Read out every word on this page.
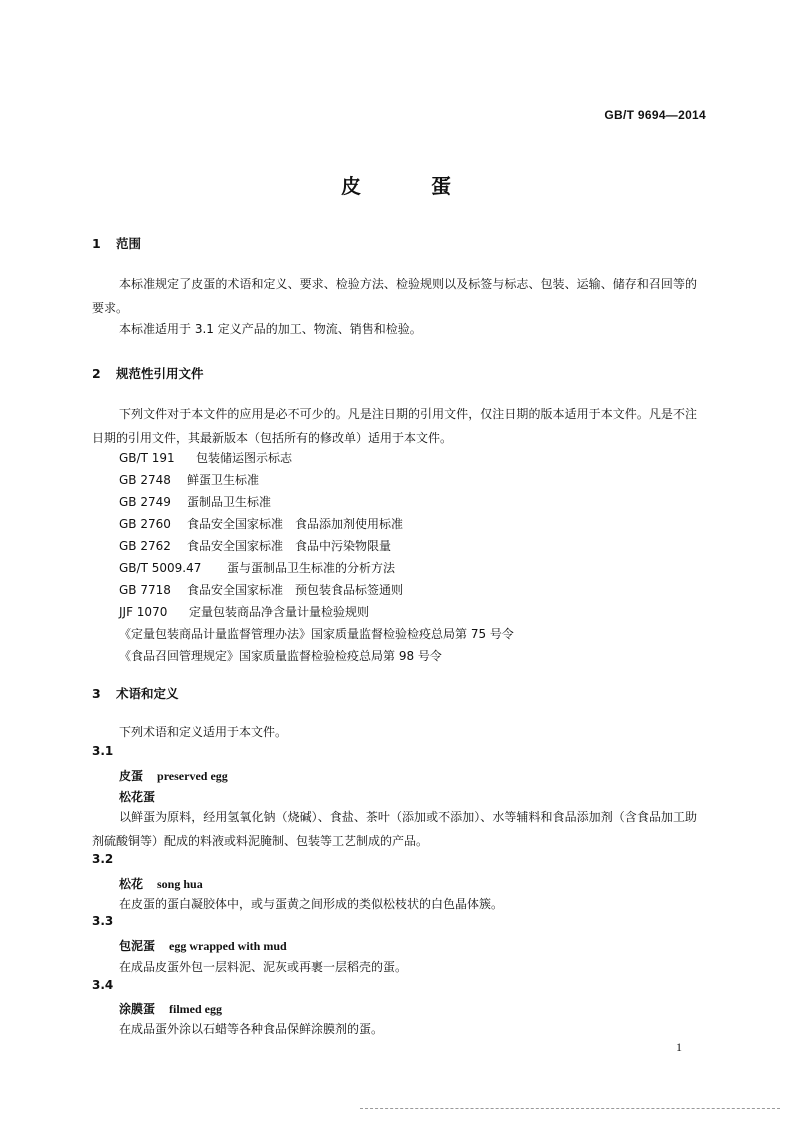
GB/T 9694—2014
皮蛋
1 范围
本标准规定了皮蛋的术语和定义、要求、检验方法、检验规则以及标签与标志、包装、运输、储存和召回等的要求。
本标准适用于 3.1 定义产品的加工、物流、销售和检验。
2 规范性引用文件
下列文件对于本文件的应用是必不可少的。凡是注日期的引用文件，仅注日期的版本适用于本文件。凡是不注日期的引用文件，其最新版本（包括所有的修改单）适用于本文件。
GB/T 191 包装储运图示标志
GB 2748 鲜蛋卫生标准
GB 2749 蛋制品卫生标准
GB 2760 食品安全国家标准　食品添加剂使用标准
GB 2762 食品安全国家标准　食品中污染物限量
GB/T 5009.47 蛋与蛋制品卫生标准的分析方法
GB 7718 食品安全国家标准　预包装食品标签通则
JJF 1070 定量包装商品净含量计量检验规则
《定量包装商品计量监督管理办法》国家质量监督检验检疫总局第 75 号令
《食品召回管理规定》国家质量监督检验检疫总局第 98 号令
3 术语和定义
下列术语和定义适用于本文件。
3.1
皮蛋 preserved egg
松花蛋
以鲜蛋为原料，经用氢氧化钠（烧碱）、食盐、茶叶（添加或不添加）、水等辅料和食品添加剂（含食品加工助剂硫酸铜等）配成的料液或料泥腌制、包装等工艺制成的产品。
3.2
松花 song hua
在皮蛋的蛋白凝胶体中，或与蛋黄之间形成的类似松枝状的白色晶体簇。
3.3
包泥蛋 egg wrapped with mud
在成品皮蛋外包一层料泥、泥灰或再裹一层稻壳的蛋。
3.4
涂膜蛋 filmed egg
在成品蛋外涂以石蜡等各种食品保鲜涂膜剂的蛋。
1
